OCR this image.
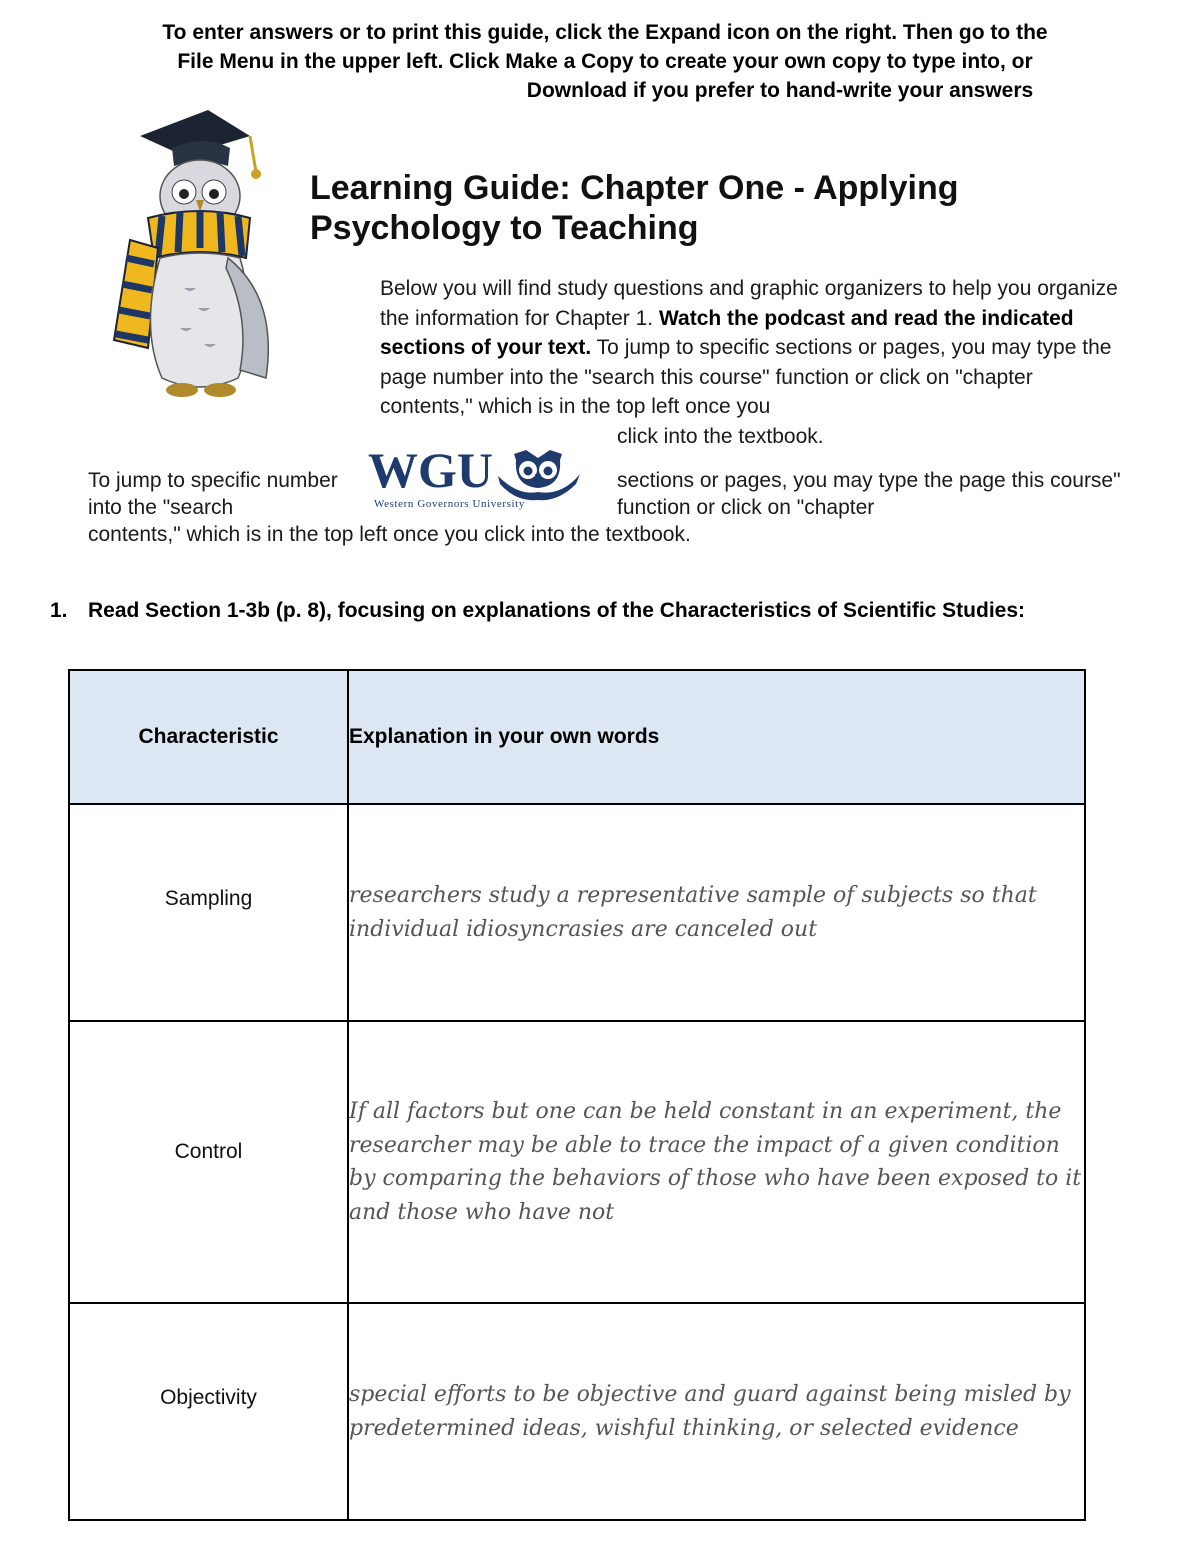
To enter answers or to print this guide, click the Expand icon on the right. Then go to the
File Menu in the upper left. Click Make a Copy to create your own copy to type into, or
Download if you prefer to hand-write your answers
Learning Guide: Chapter One - Applying
Psychology to Teaching
Below you will find study questions and graphic organizers to help you organize the information for Chapter 1. Watch the podcast and read the indicated sections of your text. To jump to specific sections or pages, you may type the page number into the "search this course" function or click on "chapter contents," which is in the top left once you
click into the textbook.
To jump to specific number into the "search
WGU
Western Governors University
sections or pages, you may type the page this course" function or click on "chapter
contents," which is in the top left once you click into the textbook.
1. Read Section 1-3b (p. 8), focusing on explanations of the Characteristics of Scientific Studies:
Characteristic	Explanation in your own words
Sampling	researchers study a representative sample of subjects so that individual idiosyncrasies are canceled out
Control	If all factors but one can be held constant in an experiment, the researcher may be able to trace the impact of a given condition by comparing the behaviors of those who have been exposed to it and those who have not
Objectivity	special efforts to be objective and guard against being misled by predetermined ideas, wishful thinking, or selected evidence
